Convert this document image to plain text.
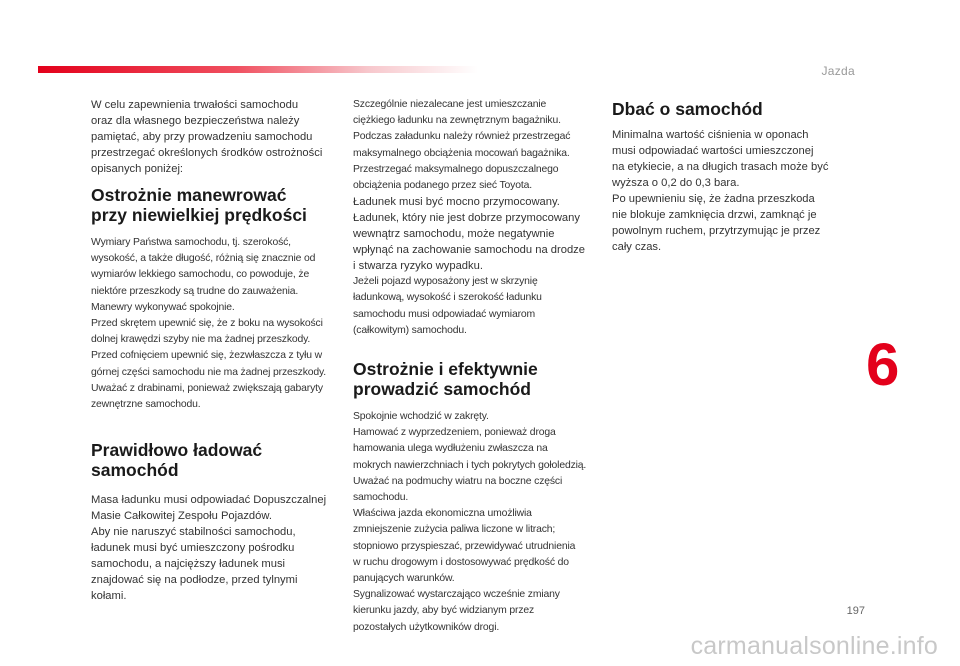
Jazda
6
197
carmanualsonline.info

W celu zapewnienia trwałości samochodu
oraz dla własnego bezpieczeństwa należy
pamiętać, aby przy prowadzeniu samochodu
przestrzegać określonych środków ostrożności
opisanych poniżej:

Ostrożnie manewrować
przy niewielkiej prędkości

Wymiary Państwa samochodu, tj. szerokość,
wysokość, a także długość, różnią się znacznie od
wymiarów lekkiego samochodu, co powoduje, że
niektóre przeszkody są trudne do zauważenia.
Manewry wykonywać spokojnie.
Przed skrętem upewnić się, że z boku na wysokości
dolnej krawędzi szyby nie ma żadnej przeszkody.
Przed cofnięciem upewnić się, żezwłaszcza z tyłu w
górnej części samochodu nie ma żadnej przeszkody.
Uważać z drabinami, ponieważ zwiększają gabaryty
zewnętrzne samochodu.

Prawidłowo ładować
samochód

Masa ładunku musi odpowiadać Dopuszczalnej
Masie Całkowitej Zespołu Pojazdów.
Aby nie naruszyć stabilności samochodu,
ładunek musi być umieszczony pośrodku
samochodu, a najcięższy ładunek musi
znajdować się na podłodze, przed tylnymi
kołami.

Szczególnie niezalecane jest umieszczanie
ciężkiego ładunku na zewnętrznym bagażniku.
Podczas załadunku należy również przestrzegać
maksymalnego obciążenia mocowań bagażnika.
Przestrzegać maksymalnego dopuszczalnego
obciążenia podanego przez sieć Toyota.

Ładunek musi być mocno przymocowany.
Ładunek, który nie jest dobrze przymocowany
wewnątrz samochodu, może negatywnie
wpłynąć na zachowanie samochodu na drodze
i stwarza ryzyko wypadku.

Jeżeli pojazd wyposażony jest w skrzynię
ładunkową, wysokość i szerokość ładunku
samochodu musi odpowiadać wymiarom
(całkowitym) samochodu.

Ostrożnie i efektywnie
prowadzić samochód

Spokojnie wchodzić w zakręty.
Hamować z wyprzedzeniem, ponieważ droga
hamowania ulega wydłużeniu zwłaszcza na
mokrych nawierzchniach i tych pokrytych gołoledzią.
Uważać na podmuchy wiatru na boczne części
samochodu.
Właściwa jazda ekonomiczna umożliwia
zmniejszenie zużycia paliwa liczone w litrach;
stopniowo przyspieszać, przewidywać utrudnienia
w ruchu drogowym i dostosowywać prędkość do
panujących warunków.
Sygnalizować wystarczająco wcześnie zmiany
kierunku jazdy, aby być widzianym przez
pozostałych użytkowników drogi.

Dbać o samochód

Minimalna wartość ciśnienia w oponach
musi odpowiadać wartości umieszczonej
na etykiecie, a na długich trasach może być
wyższa o 0,2 do 0,3 bara.
Po upewnieniu się, że żadna przeszkoda
nie blokuje zamknięcia drzwi, zamknąć je
powolnym ruchem, przytrzymując je przez
cały czas.
